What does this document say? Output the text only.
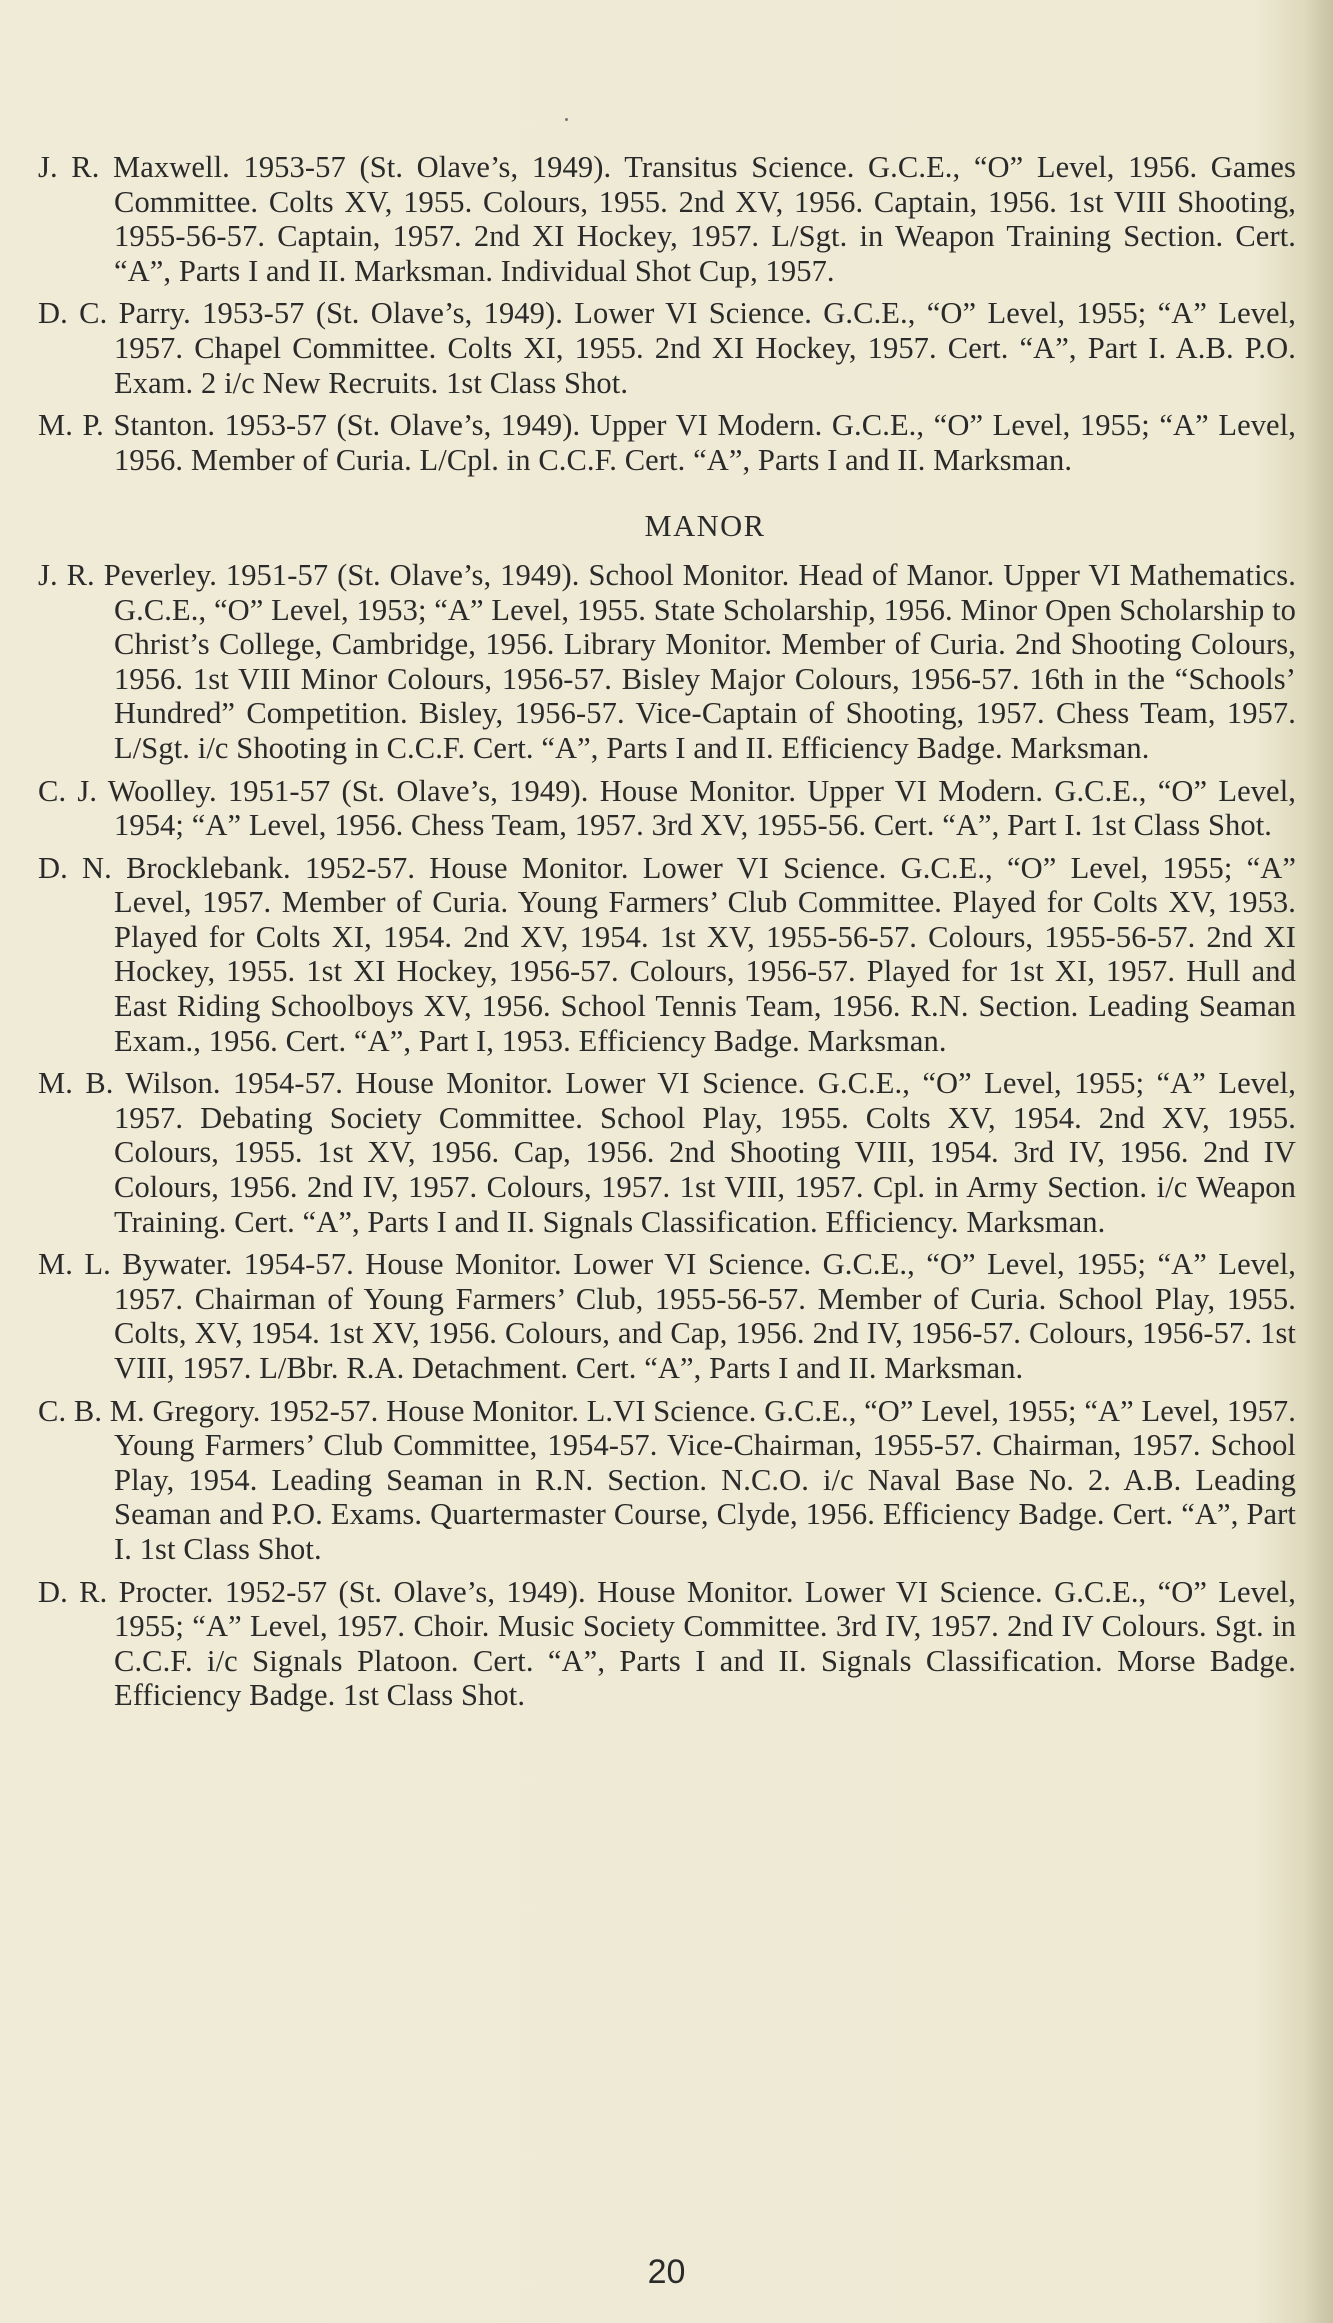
J. R. Maxwell. 1953-57 (St. Olave’s, 1949). Transitus Science. G.C.E., “O” Level, 1956. Games Committee. Colts XV, 1955. Colours, 1955. 2nd XV, 1956. Captain, 1956. 1st VIII Shooting, 1955-56-57. Captain, 1957. 2nd XI Hockey, 1957. L/Sgt. in Weapon Training Section. Cert. “A”, Parts I and II. Marksman. Individual Shot Cup, 1957.

D. C. Parry. 1953-57 (St. Olave’s, 1949). Lower VI Science. G.C.E., “O” Level, 1955; “A” Level, 1957. Chapel Committee. Colts XI, 1955. 2nd XI Hockey, 1957. Cert. “A”, Part I. A.B. P.O. Exam. 2 i/c New Recruits. 1st Class Shot.

M. P. Stanton. 1953-57 (St. Olave’s, 1949). Upper VI Modern. G.C.E., “O” Level, 1955; “A” Level, 1956. Member of Curia. L/Cpl. in C.C.F. Cert. “A”, Parts I and II. Marksman.

MANOR

J. R. Peverley. 1951-57 (St. Olave’s, 1949). School Monitor. Head of Manor. Upper VI Mathematics. G.C.E., “O” Level, 1953; “A” Level, 1955. State Scholarship, 1956. Minor Open Scholarship to Christ’s College, Cambridge, 1956. Library Monitor. Member of Curia. 2nd Shooting Colours, 1956. 1st VIII Minor Colours, 1956-57. Bisley Major Colours, 1956-57. 16th in the “Schools’ Hundred” Competition. Bisley, 1956-57. Vice-Captain of Shooting, 1957. Chess Team, 1957. L/Sgt. i/c Shooting in C.C.F. Cert. “A”, Parts I and II. Efficiency Badge. Marksman.

C. J. Woolley. 1951-57 (St. Olave’s, 1949). House Monitor. Upper VI Modern. G.C.E., “O” Level, 1954; “A” Level, 1956. Chess Team, 1957. 3rd XV, 1955-56. Cert. “A”, Part I. 1st Class Shot.

D. N. Brocklebank. 1952-57. House Monitor. Lower VI Science. G.C.E., “O” Level, 1955; “A” Level, 1957. Member of Curia. Young Farmers’ Club Committee. Played for Colts XV, 1953. Played for Colts XI, 1954. 2nd XV, 1954. 1st XV, 1955-56-57. Colours, 1955-56-57. 2nd XI Hockey, 1955. 1st XI Hockey, 1956-57. Colours, 1956-57. Played for 1st XI, 1957. Hull and East Riding Schoolboys XV, 1956. School Tennis Team, 1956. R.N. Section. Leading Seaman Exam., 1956. Cert. “A”, Part I, 1953. Efficiency Badge. Marksman.

M. B. Wilson. 1954-57. House Monitor. Lower VI Science. G.C.E., “O” Level, 1955; “A” Level, 1957. Debating Society Committee. School Play, 1955. Colts XV, 1954. 2nd XV, 1955. Colours, 1955. 1st XV, 1956. Cap, 1956. 2nd Shooting VIII, 1954. 3rd IV, 1956. 2nd IV Colours, 1956. 2nd IV, 1957. Colours, 1957. 1st VIII, 1957. Cpl. in Army Section. i/c Weapon Training. Cert. “A”, Parts I and II. Signals Classification. Efficiency. Marksman.

M. L. Bywater. 1954-57. House Monitor. Lower VI Science. G.C.E., “O” Level, 1955; “A” Level, 1957. Chairman of Young Farmers’ Club, 1955-56-57. Member of Curia. School Play, 1955. Colts, XV, 1954. 1st XV, 1956. Colours, and Cap, 1956. 2nd IV, 1956-57. Colours, 1956-57. 1st VIII, 1957. L/Bbr. R.A. Detachment. Cert. “A”, Parts I and II. Marksman.

C. B. M. Gregory. 1952-57. House Monitor. L.VI Science. G.C.E., “O” Level, 1955; “A” Level, 1957. Young Farmers’ Club Committee, 1954-57. Vice-Chairman, 1955-57. Chairman, 1957. School Play, 1954. Leading Seaman in R.N. Section. N.C.O. i/c Naval Base No. 2. A.B. Leading Seaman and P.O. Exams. Quartermaster Course, Clyde, 1956. Efficiency Badge. Cert. “A”, Part I. 1st Class Shot.

D. R. Procter. 1952-57 (St. Olave’s, 1949). House Monitor. Lower VI Science. G.C.E., “O” Level, 1955; “A” Level, 1957. Choir. Music Society Committee. 3rd IV, 1957. 2nd IV Colours. Sgt. in C.C.F. i/c Signals Platoon. Cert. “A”, Parts I and II. Signals Classification. Morse Badge. Efficiency Badge. 1st Class Shot.

20
